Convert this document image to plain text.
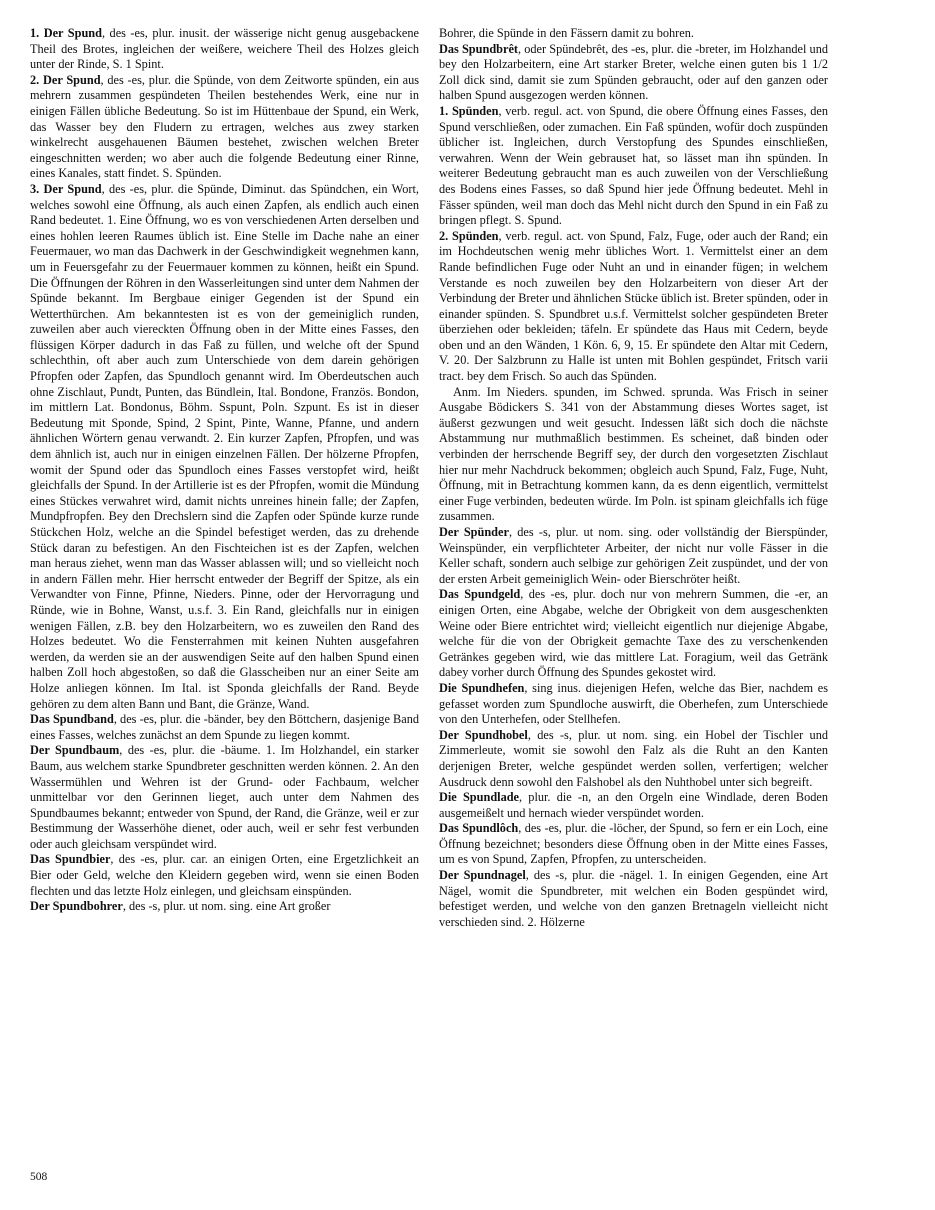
1. Der Spund, des -es, plur. inusit. der wässerige nicht genug ausgebackene Theil des Brotes, ingleichen der weißere, weichere Theil des Holzes gleich unter der Rinde, S. 1 Spint.

2. Der Spund, des -es, plur. die Spünde, von dem Zeitworte spünden, ein aus mehrern zusammen gespündeten Theilen bestehendes Werk, eine nur in einigen Fällen übliche Bedeutung. So ist im Hüttenbaue der Spund, ein Werk, das Wasser bey den Fludern zu ertragen, welches aus zwey starken winkelrecht ausgehauenen Bäumen bestehet, zwischen welchen Breter eingeschnitten werden; wo aber auch die folgende Bedeutung einer Rinne, eines Kanales, statt findet. S. Spünden.

3. Der Spund, des -es, plur. die Spünde, Diminut. das Spündchen, ein Wort, welches sowohl eine Öffnung, als auch einen Zapfen, als endlich auch einen Rand bedeutet. 1. Eine Öffnung, wo es von verschiedenen Arten derselben und eines hohlen leeren Raumes üblich ist. Eine Stelle im Dache nahe an einer Feuermauer, wo man das Dachwerk in der Geschwindigkeit wegnehmen kann, um in Feuersgefahr zu der Feuermauer kommen zu können, heißt ein Spund. Die Öffnungen der Röhren in den Wasserleitungen sind unter dem Nahmen der Spünde bekannt. Im Bergbaue einiger Gegenden ist der Spund ein Wetterthürchen. Am bekanntesten ist es von der gemeiniglich runden, zuweilen aber auch viereckten Öffnung oben in der Mitte eines Fasses, den flüssigen Körper dadurch in das Faß zu füllen, und welche oft der Spund schlechthin, oft aber auch zum Unterschiede von dem darein gehörigen Pfropfen oder Zapfen, das Spundloch genannt wird. Im Oberdeutschen auch ohne Zischlaut, Pundt, Punten, das Bündlein, Ital. Bondone, Französ. Bondon, im mittlern Lat. Bondonus, Böhm. Sspunt, Poln. Szpunt. Es ist in dieser Bedeutung mit Sponde, Spind, 2 Spint, Pinte, Wanne, Pfanne, und andern ähnlichen Wörtern genau verwandt. 2. Ein kurzer Zapfen, Pfropfen, und was dem ähnlich ist, auch nur in einigen einzelnen Fällen. Der hölzerne Pfropfen, womit der Spund oder das Spundloch eines Fasses verstopfet wird, heißt gleichfalls der Spund. In der Artillerie ist es der Pfropfen, womit die Mündung eines Stückes verwahret wird, damit nichts unreines hinein falle; der Zapfen, Mundpfropfen. Bey den Drechslern sind die Zapfen oder Spünde kurze runde Stückchen Holz, welche an die Spindel befestiget werden, das zu drehende Stück daran zu befestigen. An den Fischteichen ist es der Zapfen, welchen man heraus ziehet, wenn man das Wasser ablassen will; und so vielleicht noch in andern Fällen mehr. Hier herrscht entweder der Begriff der Spitze, als ein Verwandter von Finne, Pfinne, Nieders. Pinne, oder der Hervorragung und Ründe, wie in Bohne, Wanst, u.s.f. 3. Ein Rand, gleichfalls nur in einigen wenigen Fällen, z.B. bey den Holzarbeitern, wo es zuweilen den Rand des Holzes bedeutet. Wo die Fensterrahmen mit keinen Nuhten ausgefahren werden, da werden sie an der auswendigen Seite auf den halben Spund einen halben Zoll hoch abgestoßen, so daß die Glasscheiben nur an einer Seite am Holze anliegen können. Im Ital. ist Sponda gleichfalls der Rand. Beyde gehören zu dem alten Bann und Bant, die Gränze, Wand.

Das Spundband, des -es, plur. die -bänder, bey den Böttchern, dasjenige Band eines Fasses, welches zunächst an dem Spunde zu liegen kommt.

Der Spundbaum, des -es, plur. die -bäume. 1. Im Holzhandel, ein starker Baum, aus welchem starke Spundbreter geschnitten werden können. 2. An den Wassermühlen und Wehren ist der Grund- oder Fachbaum, welcher unmittelbar vor den Gerinnen lieget, auch unter dem Nahmen des Spundbaumes bekannt; entweder von Spund, der Rand, die Gränze, weil er zur Bestimmung der Wasserhöhe dienet, oder auch, weil er sehr fest verbunden oder auch gleichsam verspündet wird.

Das Spundbier, des -es, plur. car. an einigen Orten, eine Ergetzlichkeit an Bier oder Geld, welche den Kleidern gegeben wird, wenn sie einen Boden flechten und das letzte Holz einlegen, und gleichsam einspünden.

Der Spundbohrer, des -s, plur. ut nom. sing. eine Art großer

Bohrer, die Spünde in den Fässern damit zu bohren.

Das Spundbrêt, oder Spündebrêt, des -es, plur. die -breter, im Holzhandel und bey den Holzarbeitern, eine Art starker Breter, welche einen guten bis 1 1/2 Zoll dick sind, damit sie zum Spünden gebraucht, oder auf den ganzen oder halben Spund ausgezogen werden können.

1. Spünden, verb. regul. act. von Spund, die obere Öffnung eines Fasses, den Spund verschließen, oder zumachen. Ein Faß spünden, wofür doch zuspünden üblicher ist. Ingleichen, durch Verstopfung des Spundes einschließen, verwahren. Wenn der Wein gebrauset hat, so lässet man ihn spünden. In weiterer Bedeutung gebraucht man es auch zuweilen von der Verschließung des Bodens eines Fasses, so daß Spund hier jede Öffnung bedeutet. Mehl in Fässer spünden, weil man doch das Mehl nicht durch den Spund in ein Faß zu bringen pflegt. S. Spund.

2. Spünden, verb. regul. act. von Spund, Falz, Fuge, oder auch der Rand; ein im Hochdeutschen wenig mehr übliches Wort. 1. Vermittelst einer an dem Rande befindlichen Fuge oder Nuht an und in einander fügen; in welchem Verstande es noch zuweilen bey den Holzarbeitern von dieser Art der Verbindung der Breter und ähnlichen Stücke üblich ist. Breter spünden, oder in einander spünden. S. Spundbret u.s.f. Vermittelst solcher gespündeten Breter überziehen oder bekleiden; täfeln. Er spündete das Haus mit Cedern, beyde oben und an den Wänden, 1 Kön. 6, 9, 15. Er spündete den Altar mit Cedern, V. 20. Der Salzbrunn zu Halle ist unten mit Bohlen gespündet, Fritsch varii tract. bey dem Frisch. So auch das Spünden.

Anm. Im Nieders. spunden, im Schwed. sprunda. Was Frisch in seiner Ausgabe Bödickers S. 341 von der Abstammung dieses Wortes saget, ist äußerst gezwungen und weit gesucht. Indessen läßt sich doch die nächste Abstammung nur muthmaßlich bestimmen. Es scheinet, daß binden oder verbinden der herrschende Begriff sey, der durch den vorgesetzten Zischlaut hier nur mehr Nachdruck bekommen; obgleich auch Spund, Falz, Fuge, Nuht, Öffnung, mit in Betrachtung kommen kann, da es denn eigentlich, vermittelst einer Fuge verbinden, bedeuten würde. Im Poln. ist spinam gleichfalls ich füge zusammen.

Der Spünder, des -s, plur. ut nom. sing. oder vollständig der Bierspünder, Weinspünder, ein verpflichteter Arbeiter, der nicht nur volle Fässer in die Keller schaft, sondern auch selbige zur gehörigen Zeit zuspündet, und der von der ersten Arbeit gemeiniglich Wein- oder Bierschröter heißt.

Das Spundgeld, des -es, plur. doch nur von mehrern Summen, die -er, an einigen Orten, eine Abgabe, welche der Obrigkeit von dem ausgeschenkten Weine oder Biere entrichtet wird; vielleicht eigentlich nur diejenige Abgabe, welche für die von der Obrigkeit gemachte Taxe des zu verschenkenden Getränkes gegeben wird, wie das mittlere Lat. Foragium, weil das Getränk dabey vorher durch Öffnung des Spundes gekostet wird.

Die Spundhefen, sing inus. diejenigen Hefen, welche das Bier, nachdem es gefasset worden zum Spundloche auswirft, die Oberhefen, zum Unterschiede von den Unterhefen, oder Stellhefen.

Der Spundhobel, des -s, plur. ut nom. sing. ein Hobel der Tischler und Zimmerleute, womit sie sowohl den Falz als die Ruht an den Kanten derjenigen Breter, welche gespündet werden sollen, verfertigen; welcher Ausdruck denn sowohl den Falshobel als den Nuhthobel unter sich begreift.

Die Spundlade, plur. die -n, an den Orgeln eine Windlade, deren Boden ausgemeißelt und hernach wieder verspündet worden.

Das Spundlôch, des -es, plur. die -löcher, der Spund, so fern er ein Loch, eine Öffnung bezeichnet; besonders diese Öffnung oben in der Mitte eines Fasses, um es von Spund, Zapfen, Pfropfen, zu unterscheiden.

Der Spundnagel, des -s, plur. die -nägel. 1. In einigen Gegenden, eine Art Nägel, womit die Spundbreter, mit welchen ein Boden gespündet wird, befestiget werden, und welche von den ganzen Bretnageln vielleicht nicht verschieden sind. 2. Hölzerne

508
